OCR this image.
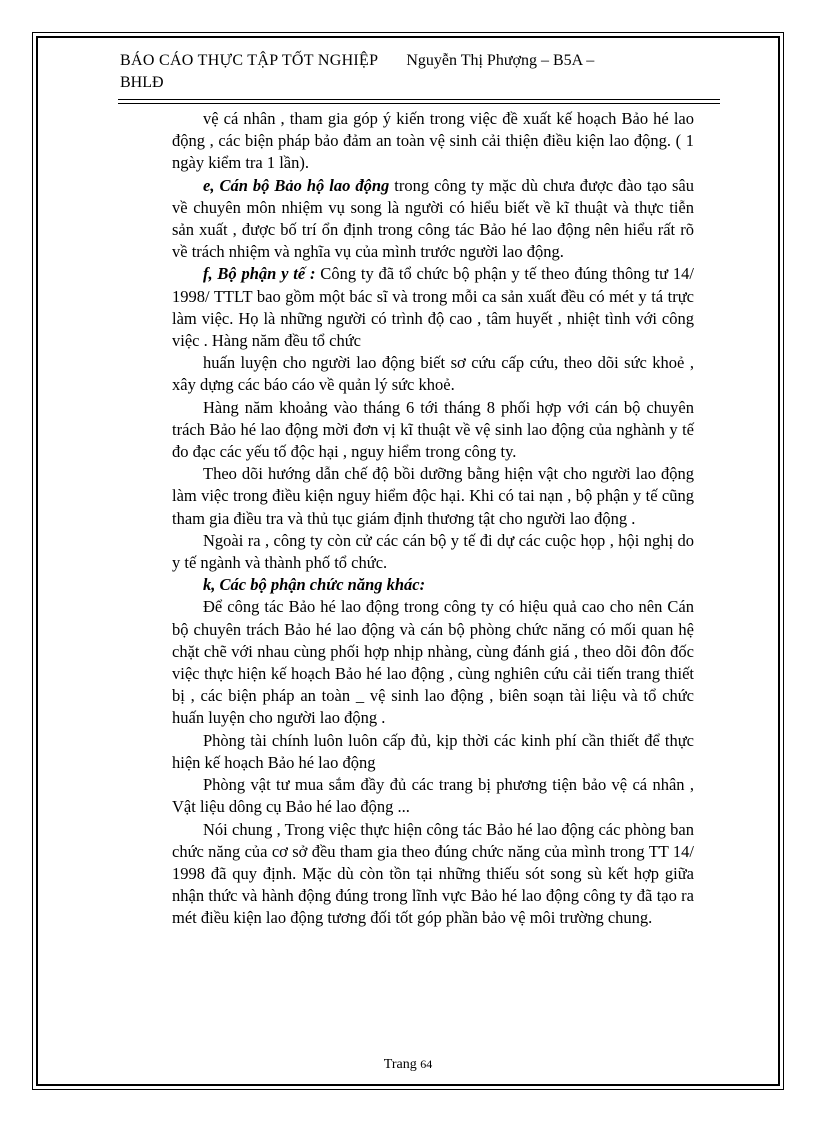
BÁO CÁO THỰC TẬP TỐT NGHIỆP Nguyễn Thị Phượng – B5A –
BHLĐ

vệ cá nhân , tham gia góp ý kiến trong việc đề xuất kế hoạch Bảo hé lao động , các biện pháp bảo đảm an toàn vệ sinh cải thiện điều kiện lao động. ( 1 ngày kiểm tra 1 lần).

e, Cán bộ Bảo hộ lao động trong công ty mặc dù chưa được đào tạo sâu về chuyên môn nhiệm vụ song là người có hiểu biết về kĩ thuật và thực tiễn sản xuất , được bố trí ổn định trong công tác Bảo hé lao động nên hiểu rất rõ về trách nhiệm và nghĩa vụ của mình trước người lao động.

f, Bộ phận y tế : Công ty đã tổ chức bộ phận y tế theo đúng thông tư 14/ 1998/ TTLT bao gồm một bác sĩ và trong mỗi ca sản xuất đều có mét y tá trực làm việc. Họ là những người có trình độ cao , tâm huyết , nhiệt tình với công việc . Hàng năm đều tổ chức

huấn luyện cho người lao động biết sơ cứu cấp cứu, theo dõi sức khoẻ , xây dựng các báo cáo về quản lý sức khoẻ.

Hàng năm khoảng vào tháng 6 tới tháng 8 phối hợp với cán bộ chuyên trách Bảo hé lao động mời đơn vị kĩ thuật về vệ sinh lao động của nghành y tế đo đạc các yếu tố độc hại , nguy hiểm trong công ty.

Theo dõi hướng dẫn chế độ bồi dưỡng bằng hiện vật cho người lao động làm việc trong điều kiện nguy hiểm độc hại. Khi có tai nạn , bộ phận y tế cũng tham gia điều tra và thủ tục giám định thương tật cho người lao động .

Ngoài ra , công ty còn cử các cán bộ y tế đi dự các cuộc họp , hội nghị do y tế ngành và thành phố tổ chức.

k, Các bộ phận chức năng khác:

Để công tác Bảo hé lao động trong công ty có hiệu quả cao cho nên Cán bộ chuyên trách Bảo hé lao động và cán bộ phòng chức năng có mối quan hệ chặt chẽ với nhau cùng phối hợp nhịp nhàng, cùng đánh giá , theo dõi đôn đốc việc thực hiện kế hoạch Bảo hé lao động , cùng nghiên cứu cải tiến trang thiết bị , các biện pháp an toàn _ vệ sinh lao động , biên soạn tài liệu và tổ chức huấn luyện cho người lao động .

Phòng tài chính luôn luôn cấp đủ, kịp thời các kinh phí cần thiết để thực hiện kế hoạch Bảo hé lao động

Phòng vật tư mua sắm đầy đủ các trang bị phương tiện bảo vệ cá nhân , Vật liệu dông cụ Bảo hé lao động ...

Nói chung , Trong việc thực hiện công tác Bảo hé lao động các phòng ban chức năng của cơ sở đều tham gia theo đúng chức năng của mình trong TT 14/ 1998 đã quy định. Mặc dù còn tồn tại những thiếu sót song sù kết hợp giữa nhận thức và hành động đúng trong lĩnh vực Bảo hé lao động công ty đã tạo ra mét điều kiện lao động tương đối tốt góp phần bảo vệ môi trường chung.

Trang 64
